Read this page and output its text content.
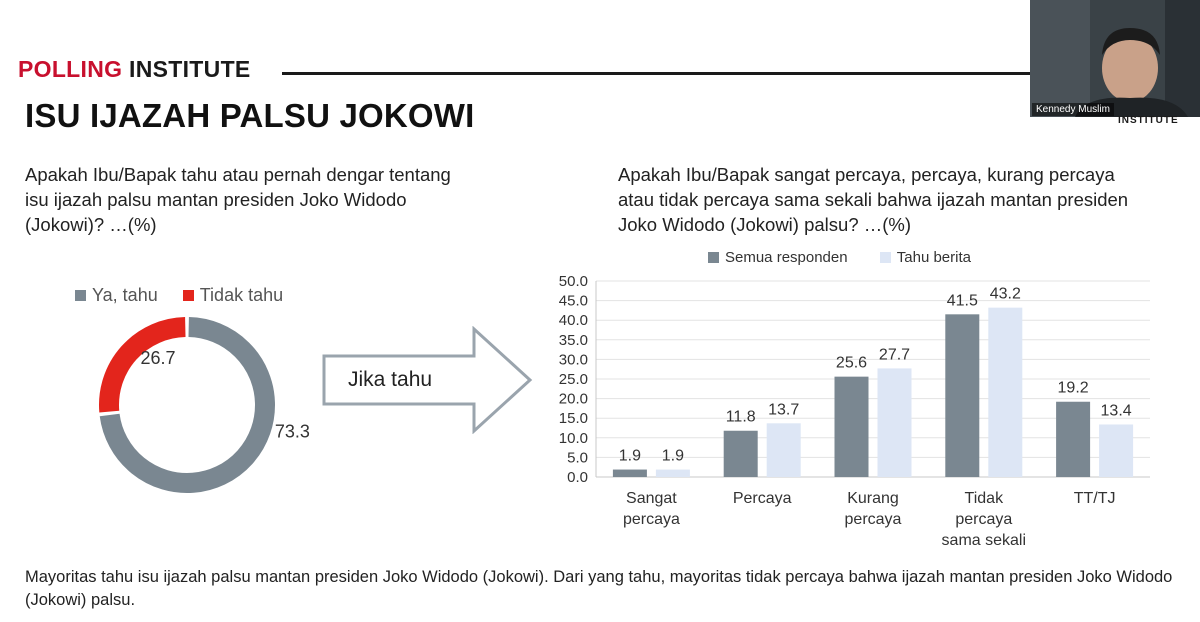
POLLING INSTITUTE
ISU IJAZAH PALSU JOKOWI
Apakah Ibu/Bapak tahu atau pernah dengar tentang isu ijazah palsu mantan presiden Joko Widodo (Jokowi)? …(%)
Apakah Ibu/Bapak sangat percaya, percaya, kurang percaya atau tidak percaya sama sekali bahwa ijazah mantan presiden Joko Widodo (Jokowi) palsu? …(%)
Ya, tahu
Tidak tahu
73.3
26.7
Jika tahu
Semua responden
	Tahu berita
0.0
5.0
10.0
15.0
20.0
25.0
30.0
35.0
40.0
45.0
50.0
1.9 1.9
Sangat
percaya
11.8 13.7
Percaya
25.6 27.7
Kurang
percaya
41.5 43.2
Tidak
percaya
sama sekali
19.2
13.4
TT/TJ
Mayoritas tahu isu ijazah palsu mantan presiden Joko Widodo (Jokowi). Dari yang tahu, mayoritas tidak percaya bahwa ijazah mantan presiden Joko Widodo (Jokowi) palsu.
Kennedy Muslim
INSTITUTE
